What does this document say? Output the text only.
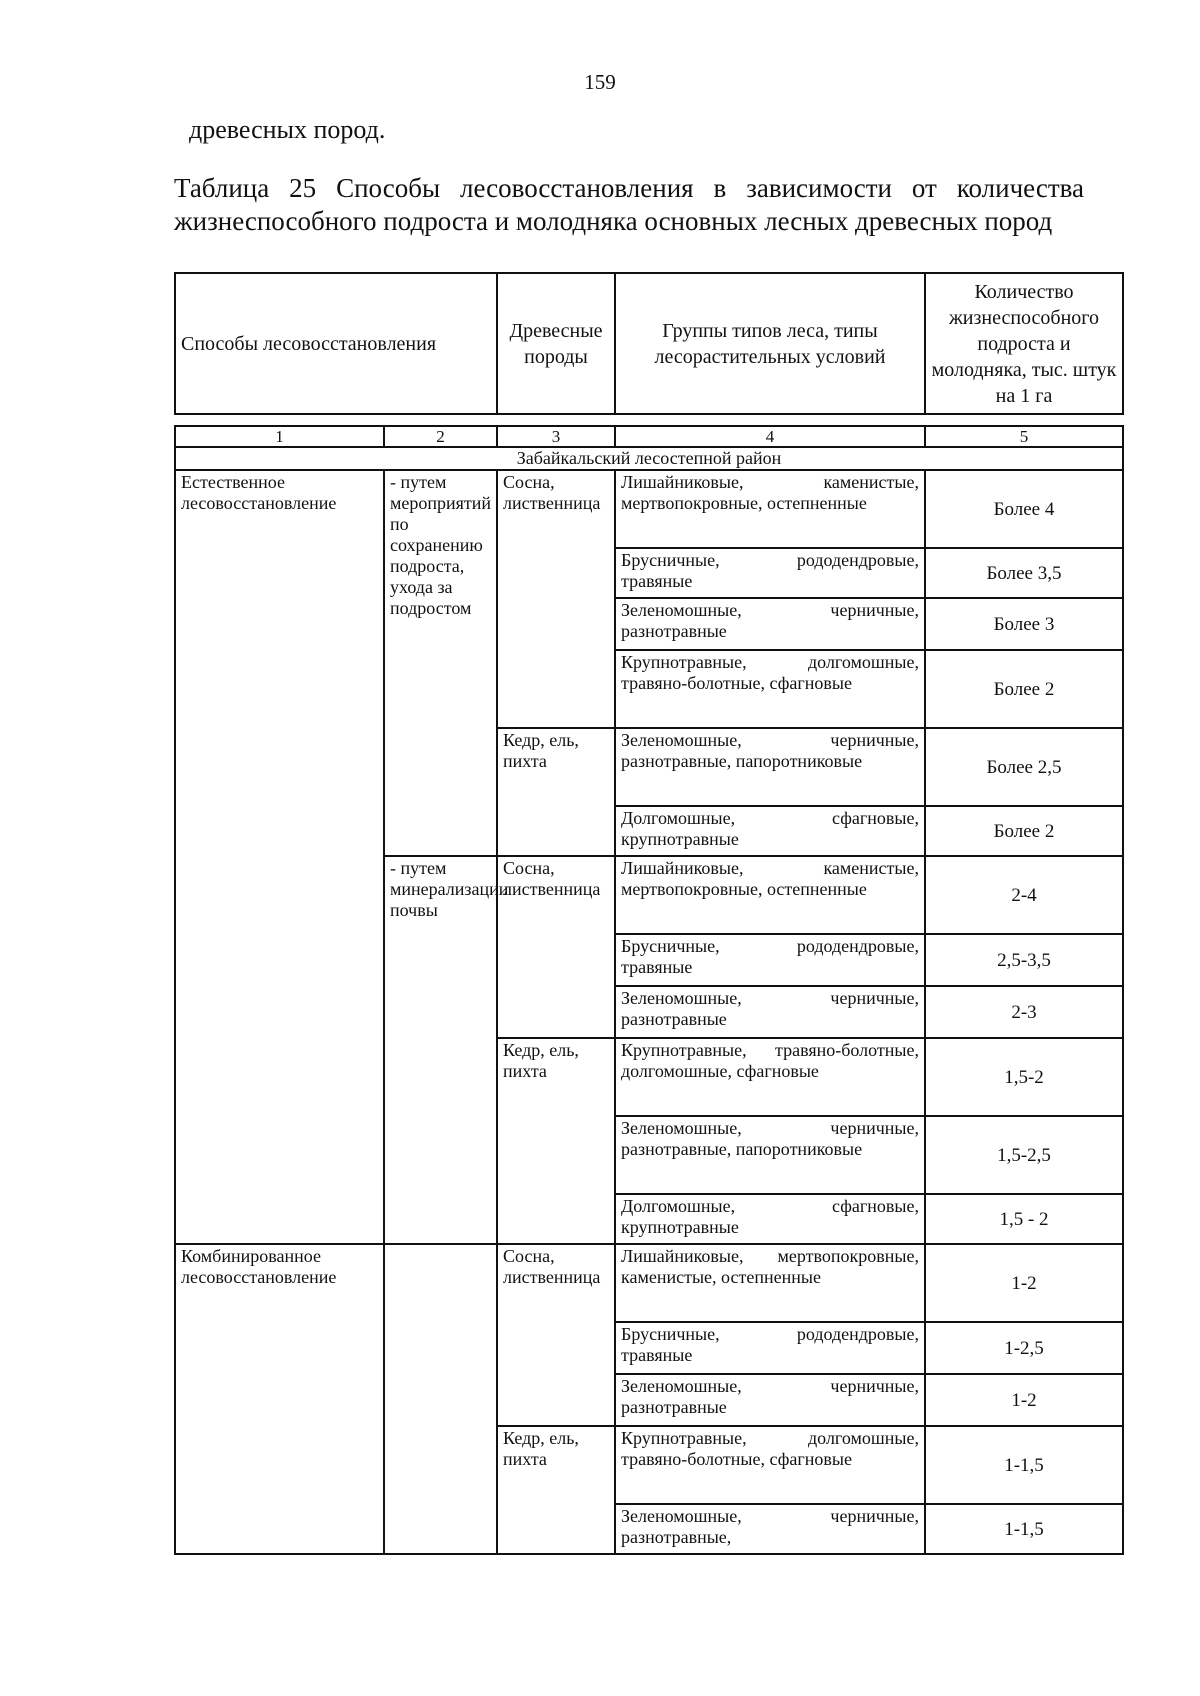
159
древесных пород.
Таблица 25 Способы лесовосстановления в зависимости от количества жизнеспособного подроста и молодняка основных лесных древесных пород
Способы лесовосстановления	Древесные породы	Группы типов леса, типы лесорастительных условий	Количество жизнеспособного подроста и молодняка, тыс. штук на 1 га
1	2	3	4	5
Забайкальский лесостепной район				
Естественное лесовосстановление	- путем мероприятий по сохранению подроста, ухода за подростом	Сосна, лиственница	Лишайниковые, каменистые, мертвопокровные, остепненные	Более 4
			Брусничные, рододендровые, травяные	Более 3,5
			Зеленомошные, черничные, разнотравные	Более 3
			Крупнотравные, долгомошные, травяно-болотные, сфагновые	Более 2
		Кедр, ель, пихта	Зеленомошные, черничные, разнотравные, папоротниковые	Более 2,5
			Долгомошные, сфагновые, крупнотравные	Более 2
	- путем минерализации почвы	Сосна, лиственница	Лишайниковые, каменистые, мертвопокровные, остепненные	2-4
			Брусничные, рододендровые, травяные	2,5-3,5
			Зеленомошные, черничные, разнотравные	2-3
		Кедр, ель, пихта	Крупнотравные, травяно-болотные, долгомошные, сфагновые	1,5-2
			Зеленомошные, черничные, разнотравные, папоротниковые	1,5-2,5
			Долгомошные, сфагновые, крупнотравные	1,5 - 2
Комбинированное лесовосстановление		Сосна, лиственница	Лишайниковые, мертвопокровные, каменистые, остепненные	1-2
			Брусничные, рододендровые, травяные	1-2,5
			Зеленомошные, черничные, разнотравные	1-2
		Кедр, ель, пихта	Крупнотравные, долгомошные, травяно-болотные, сфагновые	1-1,5
			Зеленомошные, черничные, разнотравные,	1-1,5
